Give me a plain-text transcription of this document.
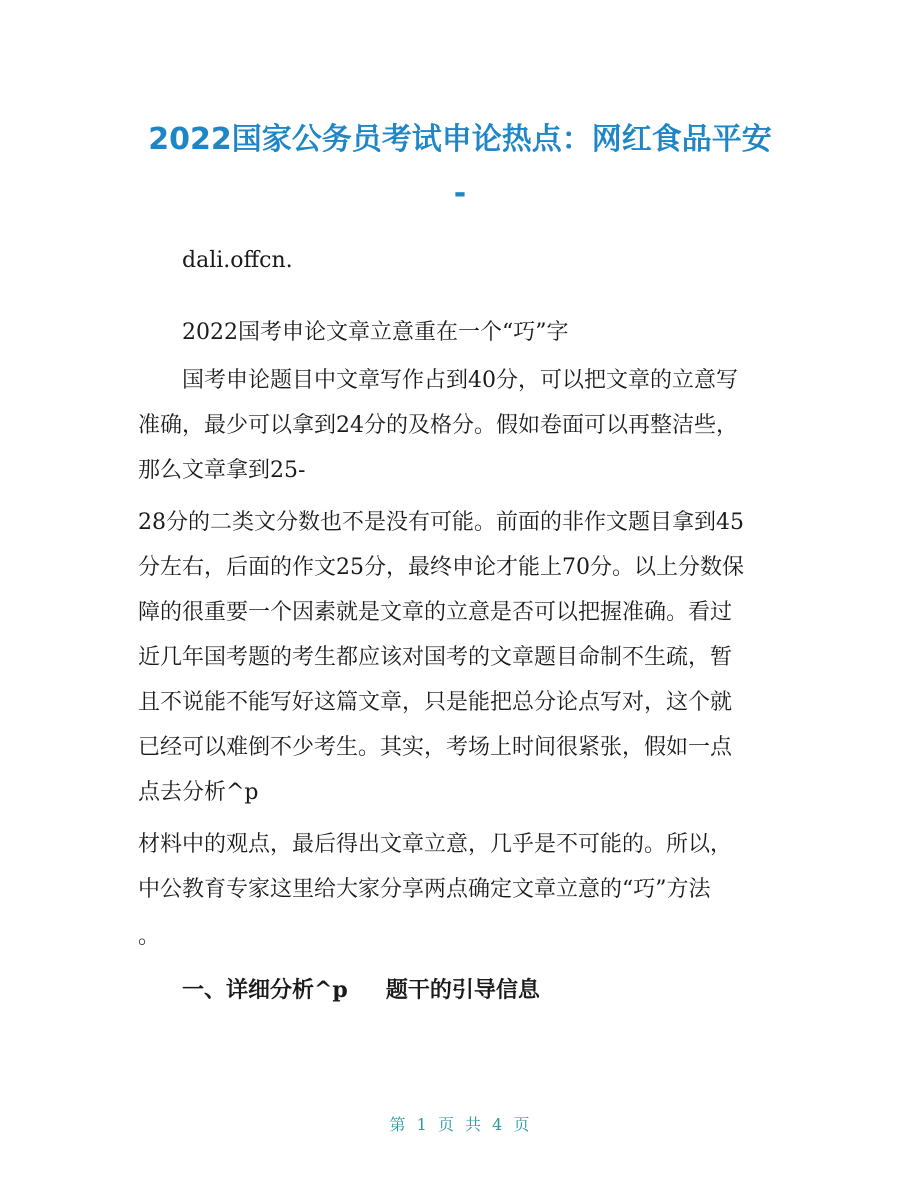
2022国家公务员考试申论热点：网红食品平安
-

dali.offcn.

2022国考申论文章立意重在一个“巧”字

国考申论题目中文章写作占到40分，可以把文章的立意写

准确，最少可以拿到24分的及格分。假如卷面可以再整洁些，

那么文章拿到25-

28分的二类文分数也不是没有可能。前面的非作文题目拿到45

分左右，后面的作文25分，最终申论才能上70分。以上分数保

障的很重要一个因素就是文章的立意是否可以把握准确。看过

近几年国考题的考生都应该对国考的文章题目命制不生疏，暂

且不说能不能写好这篇文章，只是能把总分论点写对，这个就

已经可以难倒不少考生。其实，考场上时间很紧张，假如一点

点去分析^p

材料中的观点，最后得出文章立意，几乎是不可能的。所以，

中公教育专家这里给大家分享两点确定文章立意的“巧”方法

。

一、详细分析^p 题干的引导信息

第 1 页 共 4 页
